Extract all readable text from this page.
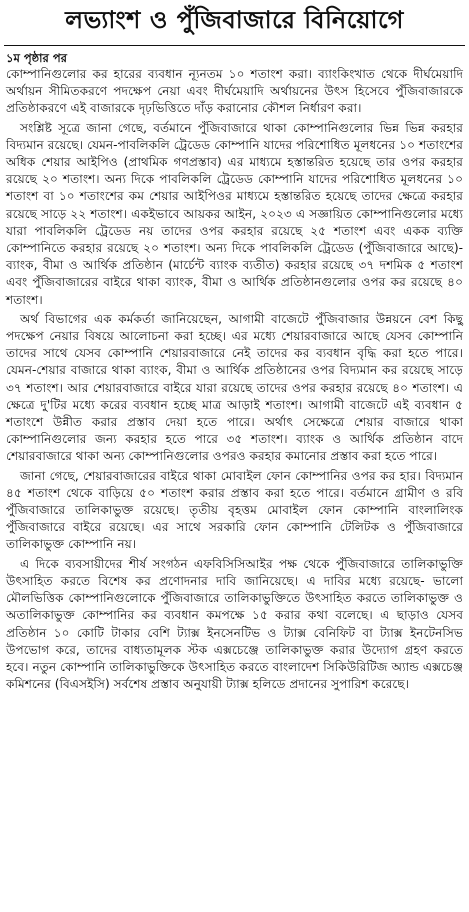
লভ্যাংশ ও পুঁজিবাজারে বিনিয়োগে
১ম পৃষ্ঠার পর

কোম্পানিগুলোর কর হারের ব্যবধান ন্যূনতম ১০ শতাংশ করা। ব্যাংকিংখাত থেকে দীর্ঘমেয়াদি অর্থায়ন সীমিতকরণে পদক্ষেপ নেয়া এবং দীর্ঘমেয়াদি অর্থায়নের উৎস হিসেবে পুঁজিবাজারকে প্রতিষ্ঠাকরণে এই বাজারকে দৃঢ়ভিত্তিতে দাঁড় করানোর কৌশল নির্ধারণ করা।

সংশ্লিষ্ট সূত্রে জানা গেছে, বর্তমানে পুঁজিবাজারে থাকা কোম্পানিগুলোর ভিন্ন ভিন্ন করহার বিদ্যমান রয়েছে। যেমন-পাবলিকলি ট্রেডেড কোম্পানি যাদের পরিশোধিত মূলধনের ১০ শতাংশের অধিক শেয়ার আইপিও (প্রাথমিক গণপ্রস্তাব) এর মাধ্যমে হস্তান্তরিত হয়েছে তার ওপর করহার রয়েছে ২০ শতাংশ। অন্য দিকে পাবলিকলি ট্রেডেড কোম্পানি যাদের পরিশোধিত মূলধনের ১০ শতাংশ বা ১০ শতাংশের কম শেয়ার আইপিওর মাধ্যমে হস্তান্তরিত হয়েছে তাদের ক্ষেত্রে করহার রয়েছে সাড়ে ২২ শতাংশ। একইভাবে আয়কর আইন, ২০২৩ এ সজ্ঞায়িত কোম্পানিগুলোর মধ্যে যারা পাবলিকলি ট্রেডেড নয় তাদের ওপর করহার রয়েছে ২৫ শতাংশ এবং একক ব্যক্তি কোম্পানিতে করহার রয়েছে ২০ শতাংশ। অন্য দিকে পাবলিকলি ট্রেডেড (পুঁজিবাজারে আছে)- ব্যাংক, বীমা ও আর্থিক প্রতিষ্ঠান (মার্চেন্ট ব্যাংক ব্যতীত) করহার রয়েছে ৩৭ দশমিক ৫ শতাংশ এবং পুঁজিবাজারের বাইরে থাকা ব্যাংক, বীমা ও আর্থিক প্রতিষ্ঠানগুলোর ওপর কর রয়েছে ৪০ শতাংশ।

অর্থ বিভাগের এক কর্মকর্তা জানিয়েছেন, আগামী বাজেটে পুঁজিবাজার উন্নয়নে বেশ কিছু পদক্ষেপ নেয়ার বিষয়ে আলোচনা করা হচ্ছে। এর মধ্যে শেয়ারবাজারে আছে যেসব কোম্পানি তাদের সাথে যেসব কোম্পানি শেয়ারবাজারে নেই তাদের কর ব্যবধান বৃদ্ধি করা হতে পারে। যেমন-শেয়ার বাজারে থাকা ব্যাংক, বীমা ও আর্থিক প্রতিষ্ঠানের ওপর বিদ্যমান কর রয়েছে সাড়ে ৩৭ শতাংশ। আর শেয়ারবাজারে বাইরে যারা রয়েছে তাদের ওপর করহার রয়েছে ৪০ শতাংশ। এ ক্ষেত্রে দু'টির মধ্যে করের ব্যবধান হচ্ছে মাত্র আড়াই শতাংশ। আগামী বাজেটে এই ব্যবধান ৫ শতাংশে উন্নীত করার প্রস্তাব দেয়া হতে পারে। অর্থাৎ সেক্ষেত্রে শেয়ার বাজারে থাকা কোম্পানিগুলোর জন্য করহার হতে পারে ৩৫ শতাংশ। ব্যাংক ও আর্থিক প্রতিষ্ঠান বাদে শেয়ারবাজারে থাকা অন্য কোম্পানিগুলোর ওপরও করহার কমানোর প্রস্তাব করা হতে পারে।

জানা গেছে, শেয়ারবাজারের বাইরে থাকা মোবাইল ফোন কোম্পানির ওপর কর হার। বিদ্যমান ৪৫ শতাংশ থেকে বাড়িয়ে ৫০ শতাংশ করার প্রস্তাব করা হতে পারে। বর্তমানে গ্রামীণ ও রবি পুঁজিবাজারে তালিকাভুক্ত রয়েছে। তৃতীয় বৃহত্তম মোবাইল ফোন কোম্পানি বাংলালিংক পুঁজিবাজারে বাইরে রয়েছে। এর সাথে সরকারি ফোন কোম্পানি টেলিটক ও পুঁজিবাজারে তালিকাভুক্ত কোম্পানি নয়।

এ দিকে ব্যবসায়ীদের শীর্ষ সংগঠন এফবিসিসিআইর পক্ষ থেকে পুঁজিবাজারে তালিকাভুক্তি উৎসাহিত করতে বিশেষ কর প্রণোদনার দাবি জানিয়েছে। এ দাবির মধ্যে রয়েছে- ভালো মৌলভিত্তিক কোম্পানিগুলোকে পুঁজিবাজারে তালিকাভুক্তিতে উৎসাহিত করতে তালিকাভুক্ত ও অতালিকাভুক্ত কোম্পানির কর ব্যবধান কমপক্ষে ১৫ করার কথা বলেছে। এ ছাড়াও যেসব প্রতিষ্ঠান ১০ কোটি টাকার বেশি ট্যাক্স ইনসেনটিভ ও ট্যাক্স বেনিফিট বা ট্যাক্স ইনটেনসিভ উপভোগ করে, তাদের বাধ্যতামূলক স্টক এক্সচেঞ্জে তালিকাভুক্ত করার উদ্যোগ গ্রহণ করতে হবে। নতুন কোম্পানি তালিকাভুক্তিকে উৎসাহিত করতে বাংলাদেশ সিকিউরিটিজ অ্যান্ড এক্সচেঞ্জ কমিশনের (বিএসইসি) সর্বশেষ প্রস্তাব অনুযায়ী ট্যাক্স হলিডে প্রদানের সুপারিশ করেছে।
